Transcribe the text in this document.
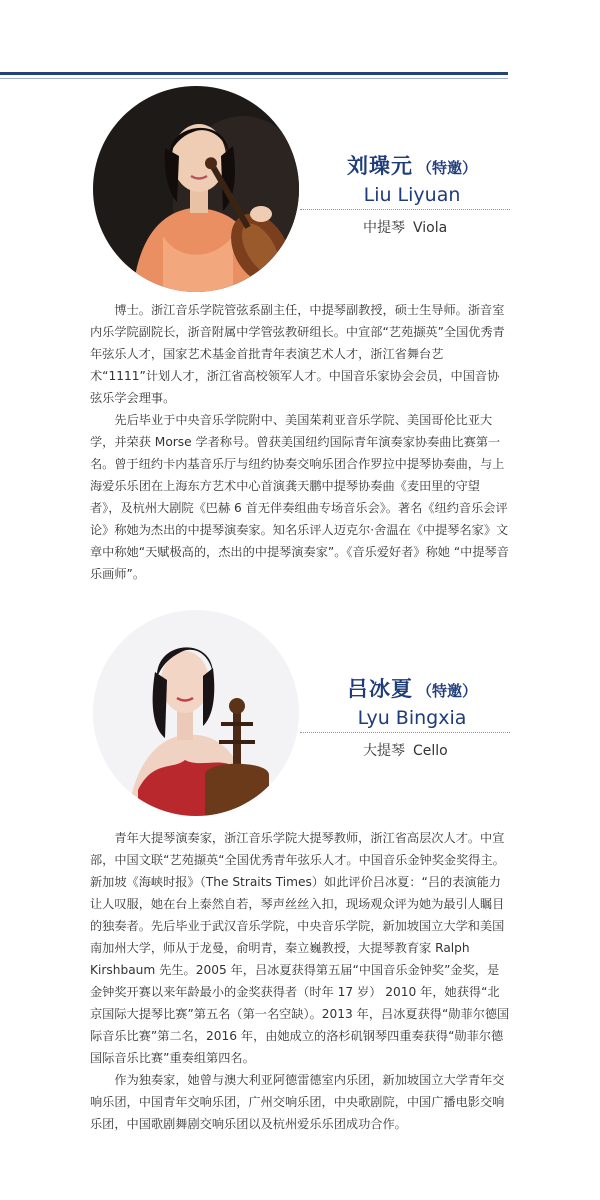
刘璪元 （特邀）
Liu Liyuan
中提琴 Viola

博士。浙江音乐学院管弦系副主任，中提琴副教授，硕士生导师。浙音室内乐学院副院长，浙音附属中学管弦教研组长。中宣部“艺苑撷英”全国优秀青年弦乐人才，国家艺术基金首批青年表演艺术人才，浙江省舞台艺术“1111”计划人才，浙江省高校领军人才。中国音乐家协会会员，中国音协弦乐学会理事。

先后毕业于中央音乐学院附中、美国茱莉亚音乐学院、美国哥伦比亚大学，并荣获 Morse 学者称号。曾获美国纽约国际青年演奏家协奏曲比赛第一名。曾于纽约卡内基音乐厅与纽约协奏交响乐团合作罗拉中提琴协奏曲，与上海爱乐乐团在上海东方艺术中心首演龚天鹏中提琴协奏曲《麦田里的守望者》，及杭州大剧院《巴赫 6 首无伴奏组曲专场音乐会》。著名《纽约音乐会评论》称她为杰出的中提琴演奏家。知名乐评人迈克尔·舍温在《中提琴名家》文章中称她“天赋极高的，杰出的中提琴演奏家”。《音乐爱好者》称她 “中提琴音乐画师”。

吕冰夏 （特邀）
Lyu Bingxia
大提琴 Cello

青年大提琴演奏家，浙江音乐学院大提琴教师，浙江省高层次人才。中宣部，中国文联“艺苑撷英“全国优秀青年弦乐人才。中国音乐金钟奖金奖得主。新加坡《海峡时报》（The Straits Times）如此评价吕冰夏：“吕的表演能力让人叹服，她在台上泰然自若，琴声丝丝入扣，现场观众评为她为最引人瞩目的独奏者。先后毕业于武汉音乐学院，中央音乐学院，新加坡国立大学和美国南加州大学，师从于龙曼，俞明青，秦立巍教授，大提琴教育家 Ralph Kirshbaum 先生。2005 年，吕冰夏获得第五届“中国音乐金钟奖”金奖，是金钟奖开赛以来年龄最小的金奖获得者（时年 17 岁） 2010 年，她获得“北京国际大提琴比赛”第五名（第一名空缺）。2013 年，吕冰夏获得“勋菲尔德国际音乐比赛”第二名，2016 年，由她成立的洛杉矶钢琴四重奏获得“勋菲尔德国际音乐比赛”重奏组第四名。

作为独奏家，她曾与澳大利亚阿德雷德室内乐团，新加坡国立大学青年交响乐团，中国青年交响乐团，广州交响乐团，中央歌剧院，中国广播电影交响乐团，中国歌剧舞剧交响乐团以及杭州爱乐乐团成功合作。
